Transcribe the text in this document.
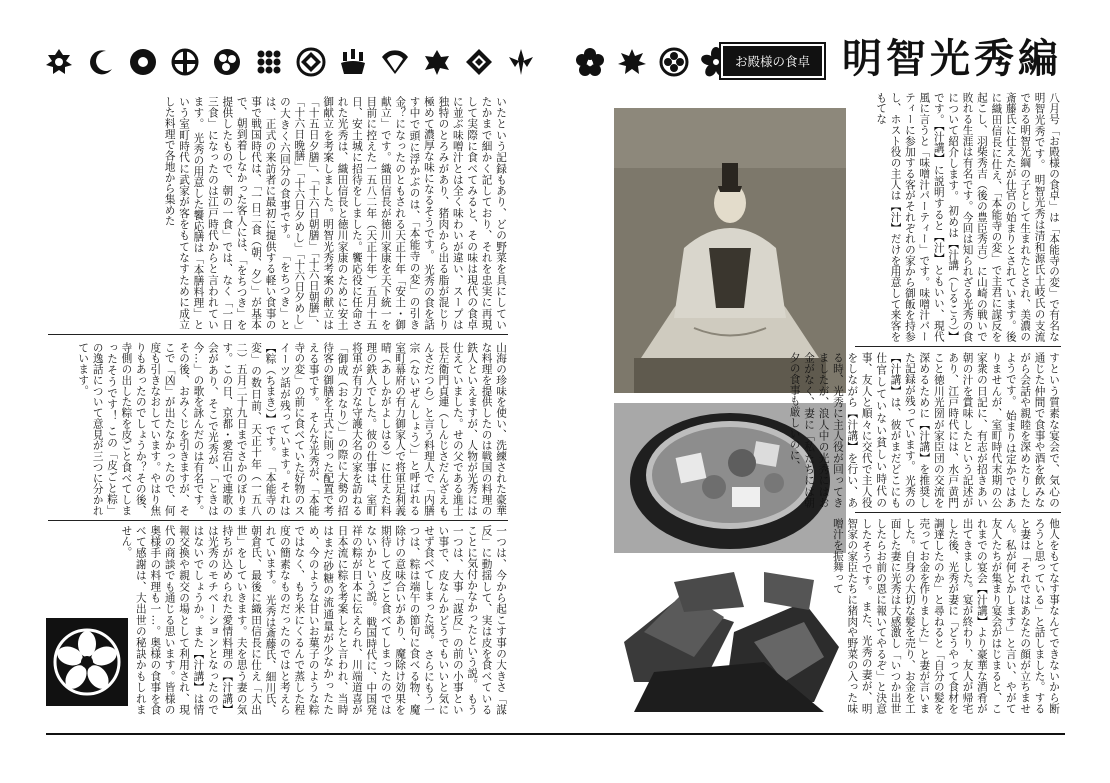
いたという記録もあり、どの野菜を具にしていたかまで細かく記しており、それを忠実に再現して実際に食べてみると、その味は現代の食卓に並ぶ味噌汁とは全く味わいが違い、スープは独特のとろみがあり、猪肉から出る脂が混じり極めて濃厚な味になるそうです。 光秀の食を話す中で頭に浮かぶのは、「本能寺の変」の引き金？になったのともされる天正十年「安土・御献立」です。織田信長が徳川家康を天下統一を目前に控えた一五八二年（天正十年）五月十五日、安土城に招待をしました。饗応役に任命された光秀は、織田信長と徳川家康のために安土御献立を考案しました。明智光秀考案の献立は「十五日夕膳」、「十六日朝膳」「十六日朝膳」、「十六日晩膳」「十六日夕めし」「十六日夕めし」の大きく六回分の食事です。 「をちつき」とは、正式の来訪者に最初に提供する軽い食事の事で戦国時代は、「一日二食（朝、夕）」が基本で、朝到着しなかった客人には、「をちつき」を提供したもので、朝の一食」では、なく「一日三食」になったのは江戸時代からと言われています。 光秀の用意した饗応膳は「本膳料理」という室町時代に武家が客をもてなすために成立した料理で各地から集めた
山海の珍味を使い、洗練された豪華な料理を提供したのは戦国の料理の鉄人といえますが、人物が光秀には仕えていました。せの父である進士長左衛門貞連（しんじさだんざえもんさだつら）と言う料理人で「内膳宗（ないぜんしょう）」と呼ばれる室町幕府の有力御家人で将軍足利義晴（あしかがよしはる）に仕えた料理の鉄人でした。彼の仕事は、室町将軍が有力な守護大名の家を訪ねる「御成（おなり）」の際に大勢の招待客の御膳を古式に則った配置で考える事です。 そんな光秀が、「本能寺の変」の前に食べていた好物のスイーツ話が残っています。それは【粽（ちまき）】です。 「本能寺の変」の数日前、天正十年（一五八二）五月二十九日までさかのぼります。この日、京都・愛宕山で連歌の会があり、そこで光秀が、「ときは今…」の歌を詠んだのは有名です。 その後、おみくじを引きますが、そこで「凶」が出たなかったので、何度も引きなおしています。やはり焦りもあったのでしょうか？その後、寺側の出した粽を皮ごと食べてしまったそうです！ この「皮ごと粽」の逸話について意見が三つに分かれています。
一つは、今から起こす事の大きさ「謀反」に動揺して、実は皮を食べていることに気付かなかったという説。 もう一つは、大事「謀反」の前の小事といい事で、皮なんかどうでもいいと気にせず食べてしまった説。 さらにもう一つは、粽は端午の節句に食べる物、魔除けの意味合いがあり、魔除け効果を期待して皮ごと食べてしまったのではないかという説。 戦国時代に、中国発祥の粽が日本に伝えられ、川端道喜が日本流に粽を考案したと言われ、当時はまだ砂糖の流通量が少なかったため、今のような甘いお菓子のような粽ではなく、もち米にくるんで蒸した程度の簡素なものだったのではと考えられています。 光秀は斎藤氏、細川氏、朝倉氏、最後に織田信長に仕え「大出世」をしていきます。夫を思う妻の気持ちが込められた愛情料理の【汁講】は光秀のモチベーションとなったのではないでしょうか。また【汁講】は情報交換や親交の場として利用され、現代の商談でも通じる思います。皆様の奥様手の料理も一…。奥様の食事を食べて感謝は、大出世の秘訣かもしれません。
お殿様の食卓 明智光秀編
八月号「お殿様の食卓」は「本能寺の変」で有名な明智光秀です。 明智光秀は清和源氏土岐氏の支流である明智光綱の子として生まれたとされ、美濃の斎藤氏に仕えたが仕官の始まりとされています。後に織田信長に仕え、「本能寺の変」で主君に謀反を起こし、羽柴秀吉（後の豊臣秀吉）に山崎の戦いで敗れる生涯は有名です。今回は知られざる光秀の食について紹介します。 初めは【汁講（しるこう）】です。【汁講】に説明すると【汁】ともいい、現代風に言うと「味噌汁パーティー」です。味噌汁パーティーに参加する客がそれぞれの家から御飯を持参し、ホスト役の主人は【汁】だけを用意して来客をもてな
すという質素な宴会で、気心の通じた仲間で食事や酒を飲みながら会話や親睦を深めたりしたようです。 始まりは定かではありませんが、室町時代末期の公家衆の日記に、有志が招きあい朝の汁を賞味したという記述があり、江戸時代には、水戸黄門こと徳川光圀が家臣団の交流を深めるために【汁講】を推奨した記録が残っています。 光秀の【汁講】は、彼がまだどこにも仕官していない貧しい時代の事、友人と順々に交代で主人役をしながら【汁講】を行い、ある時、光秀に主人役が回ってきましたが、浪人中の光秀にはお金がなく、妻に「私たちには朝夕の食事も厳しいのに、
他人をもてなす事なんてできないから断ろうと思っている」と話しました。すると妻は「それではあなたの顔が立ちません。私が何とかします」と言い、やがて友人たちが集まり宴会がはじまると、これまでの宴会【汁講】より豪華な酒肴が出てきました。宴が終わり、友人が帰宅した後、光秀が妻に「どうやって食材を調達したのか」と尋ねると「自分の髪を売ってお金を作りました」と妻が言いました。自身の大切な髪を売り、お金を工面した妻に光秀は大感激し「いつか出世したらお前の恩に報いてやるぞ」と決意したそうです。 また、光秀の妻が、明智家の家臣たちに猪肉や野菜の入った味噌汁を振舞って
